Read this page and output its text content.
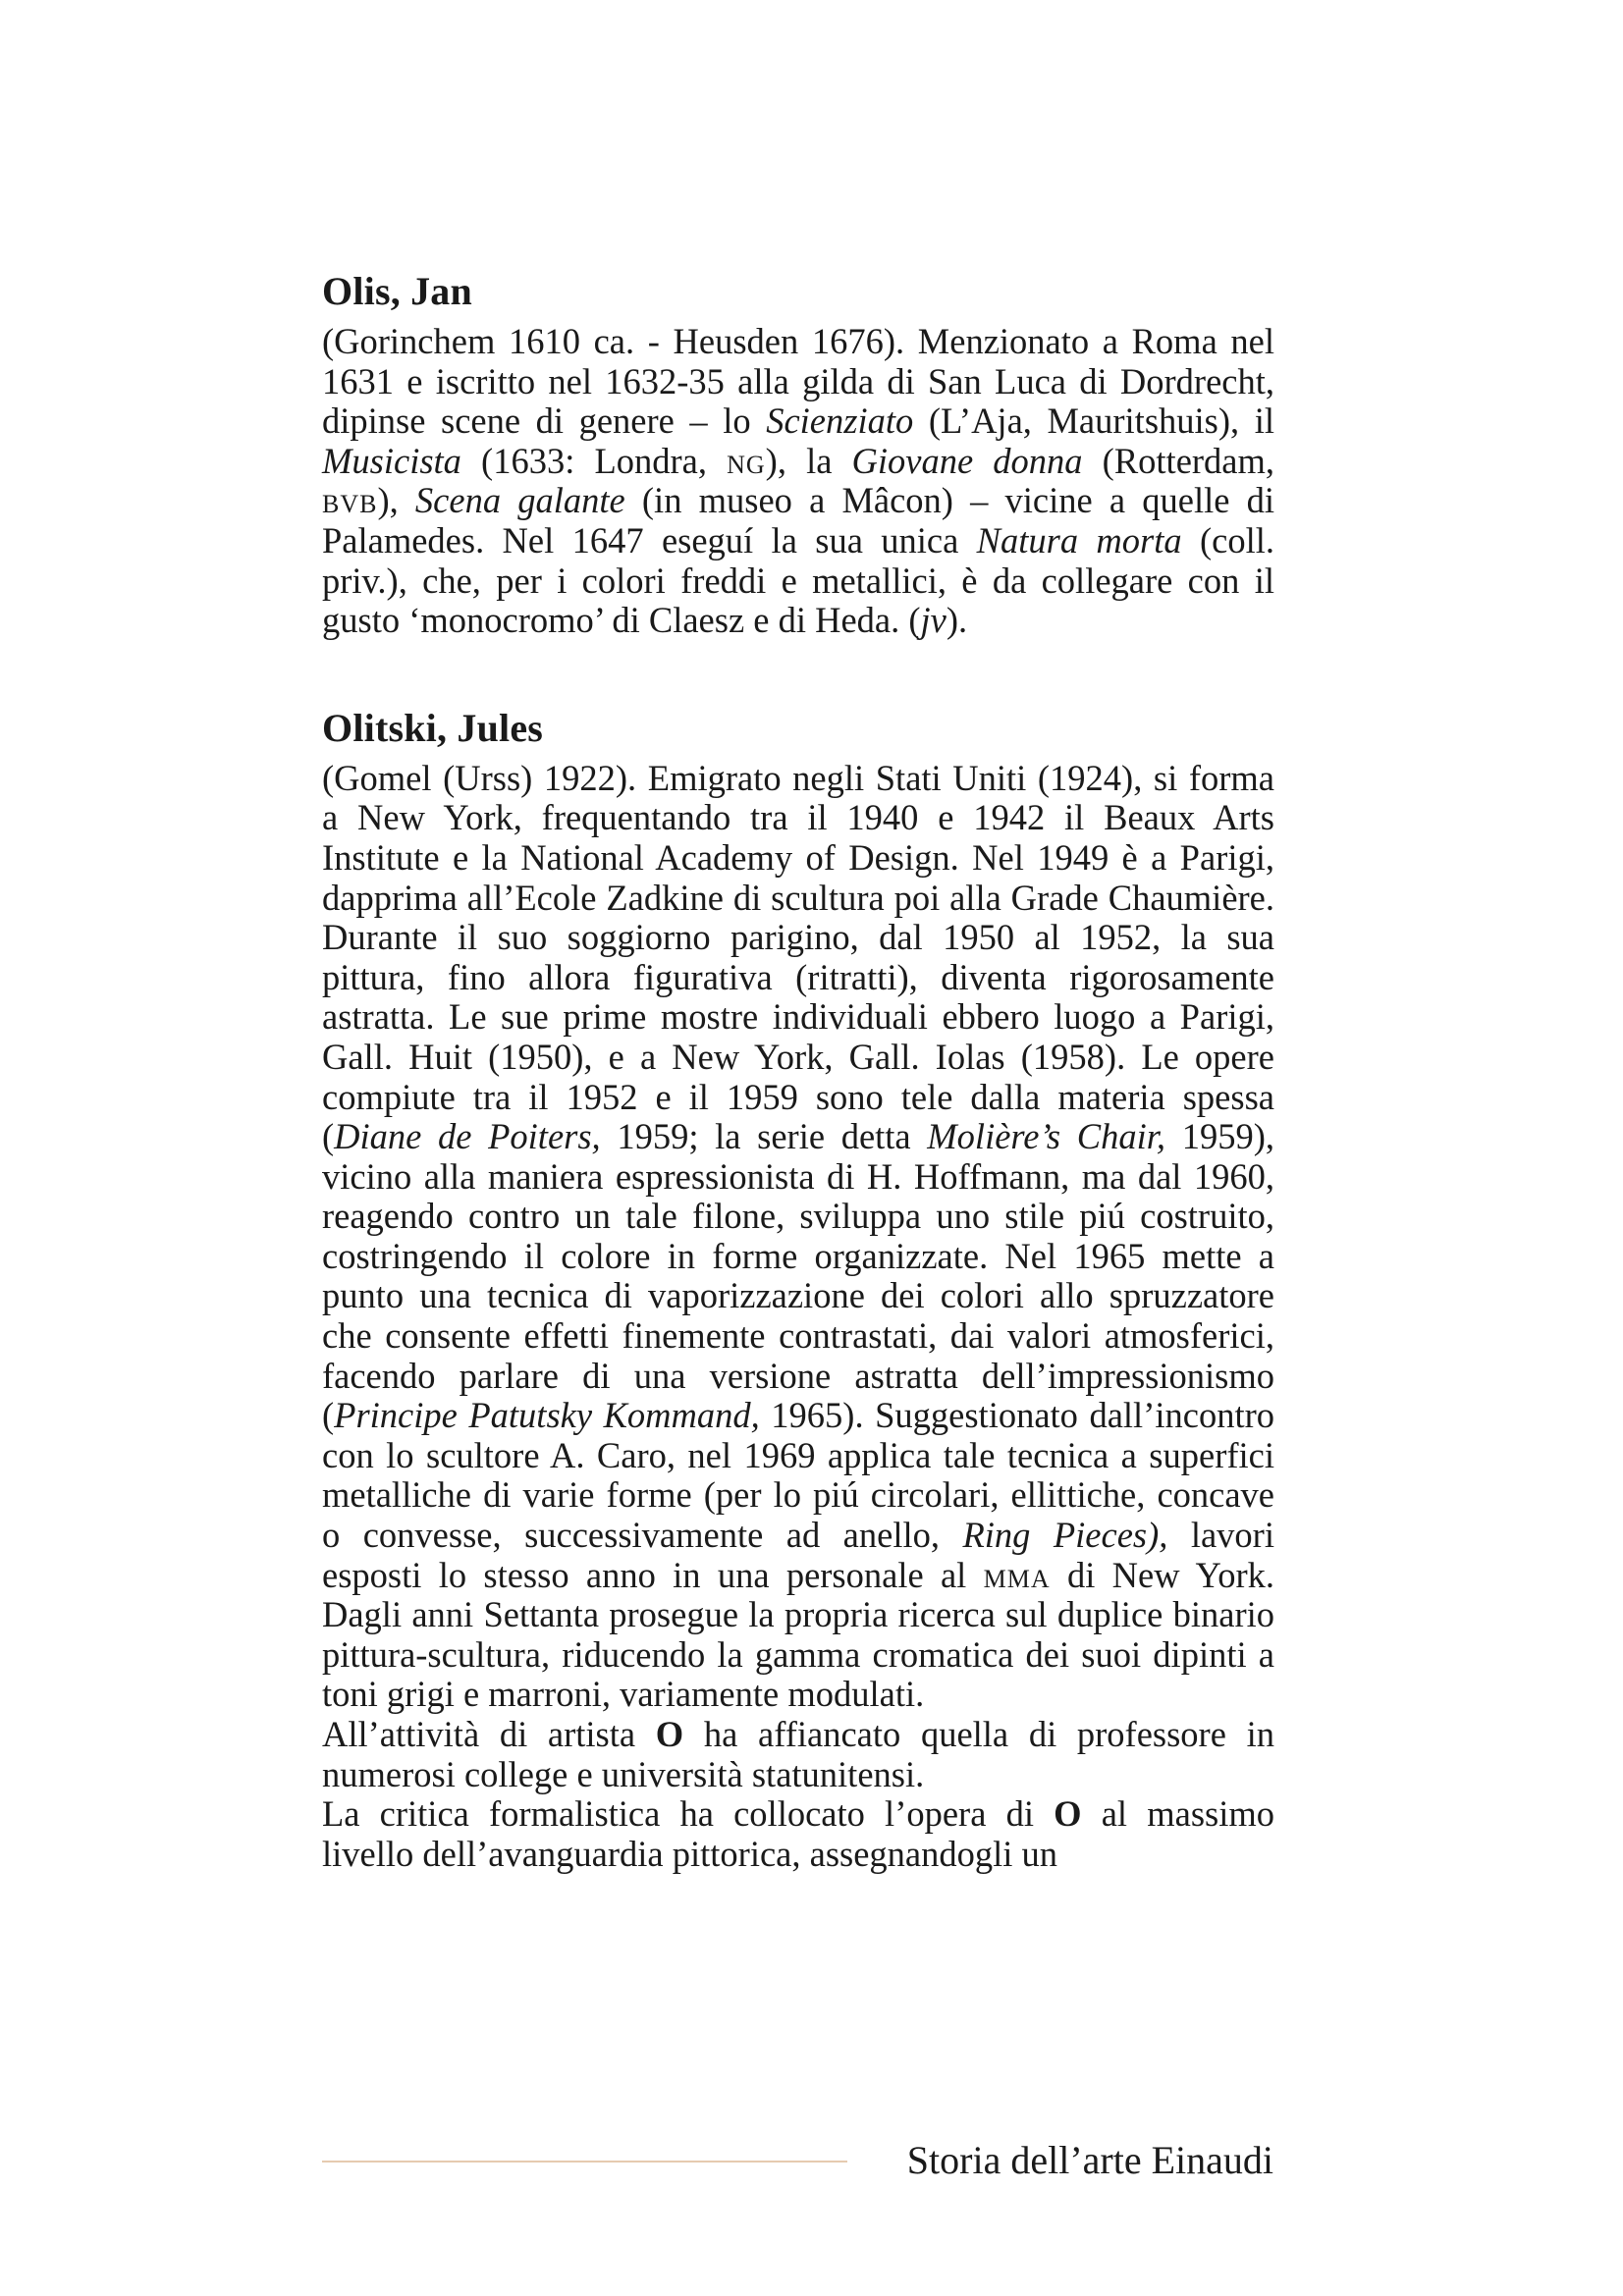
Olis, Jan

(Gorinchem 1610 ca. - Heusden 1676). Menzionato a Roma nel 1631 e iscritto nel 1632-35 alla gilda di San Luca di Dordrecht, dipinse scene di genere – lo Scienziato (L’Aja, Mauritshuis), il Musicista (1633: Londra, ng), la Giovane donna (Rotterdam, bvb), Scena galante (in museo a Mâcon) – vicine a quelle di Palamedes. Nel 1647 eseguí la sua unica Natura morta (coll. priv.), che, per i colori freddi e metallici, è da collegare con il gusto ‘monocromo’ di Claesz e di Heda. (jv).

Olitski, Jules

(Gomel (Urss) 1922). Emigrato negli Stati Uniti (1924), si forma a New York, frequentando tra il 1940 e 1942 il Beaux Arts Institute e la National Academy of Design. Nel 1949 è a Parigi, dapprima all’Ecole Zadkine di scultura poi alla Grade Chaumière. Durante il suo soggiorno parigino, dal 1950 al 1952, la sua pittura, fino allora figurativa (ritratti), diventa rigorosamente astratta. Le sue prime mostre individuali ebbero luogo a Parigi, Gall. Huit (1950), e a New York, Gall. Iolas (1958). Le opere compiute tra il 1952 e il 1959 sono tele dalla materia spessa (Diane de Poiters, 1959; la serie detta Molière’s Chair, 1959), vicino alla maniera espressionista di H. Hoffmann, ma dal 1960, reagendo contro un tale filone, sviluppa uno stile piú costruito, costringendo il colore in forme organizzate. Nel 1965 mette a punto una tecnica di vaporizzazione dei colori allo spruzzatore che consente effetti finemente contrastati, dai valori atmosferici, facendo parlare di una versione astratta dell’impressionismo (Principe Patutsky Kommand, 1965). Suggestionato dall’incontro con lo scultore A. Caro, nel 1969 applica tale tecnica a superfici metalliche di varie forme (per lo piú circolari, ellittiche, concave o convesse, successivamente ad anello, Ring Pieces), lavori esposti lo stesso anno in una personale al mma di New York. Dagli anni Settanta prosegue la propria ricerca sul duplice binario pittura-scultura, riducendo la gamma cromatica dei suoi dipinti a toni grigi e marroni, variamente modulati.

All’attività di artista O ha affiancato quella di professore in numerosi college e università statunitensi.

La critica formalistica ha collocato l’opera di O al massimo livello dell’avanguardia pittorica, assegnandogli un

Storia dell’arte Einaudi
